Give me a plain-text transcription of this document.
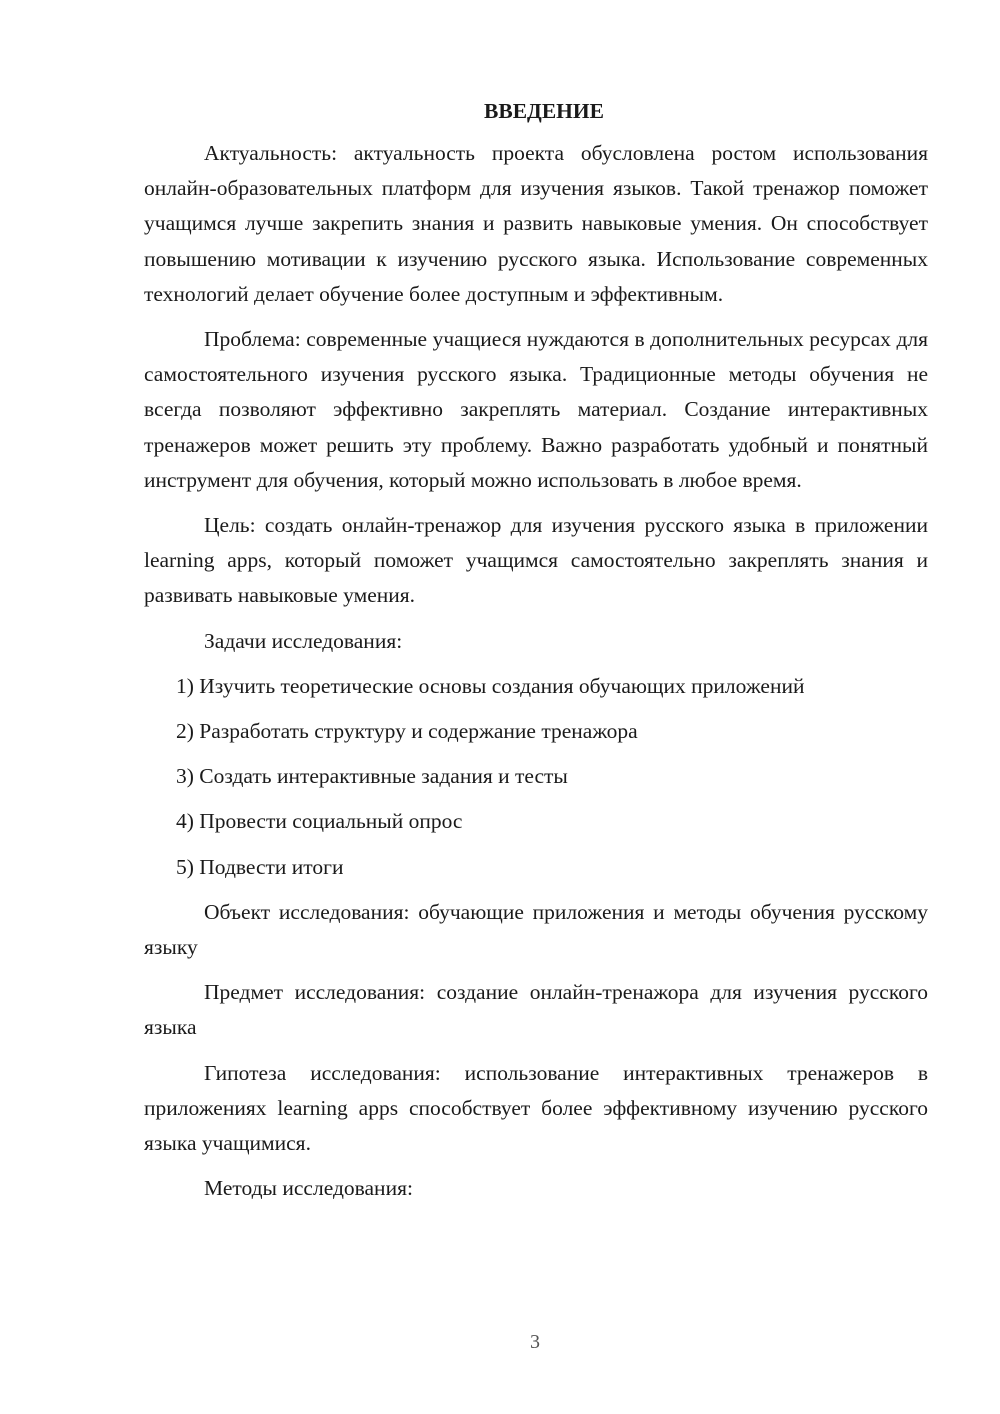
ВВЕДЕНИЕ

Актуальность: актуальность проекта обусловлена ростом использования онлайн-образовательных платформ для изучения языков. Такой тренажор поможет учащимся лучше закрепить знания и развить навыковые умения. Он способствует повышению мотивации к изучению русского языка. Использование современных технологий делает обучение более доступным и эффективным.

Проблема: современные учащиеся нуждаются в дополнительных ресурсах для самостоятельного изучения русского языка. Традиционные методы обучения не всегда позволяют эффективно закреплять материал. Создание интерактивных тренажеров может решить эту проблему. Важно разработать удобный и понятный инструмент для обучения, который можно использовать в любое время.

Цель: создать онлайн-тренажор для изучения русского языка в приложении learning apps, который поможет учащимся самостоятельно закреплять знания и развивать навыковые умения.

Задачи исследования:

1) Изучить теоретические основы создания обучающих приложений
2) Разработать структуру и содержание тренажора
3) Создать интерактивные задания и тесты
4) Провести социальный опрос
5) Подвести итоги

Объект исследования: обучающие приложения и методы обучения русскому языку

Предмет исследования: создание онлайн-тренажора для изучения русского языка

Гипотеза исследования: использование интерактивных тренажеров в приложениях learning apps способствует более эффективному изучению русского языка учащимися.

Методы исследования:

3
